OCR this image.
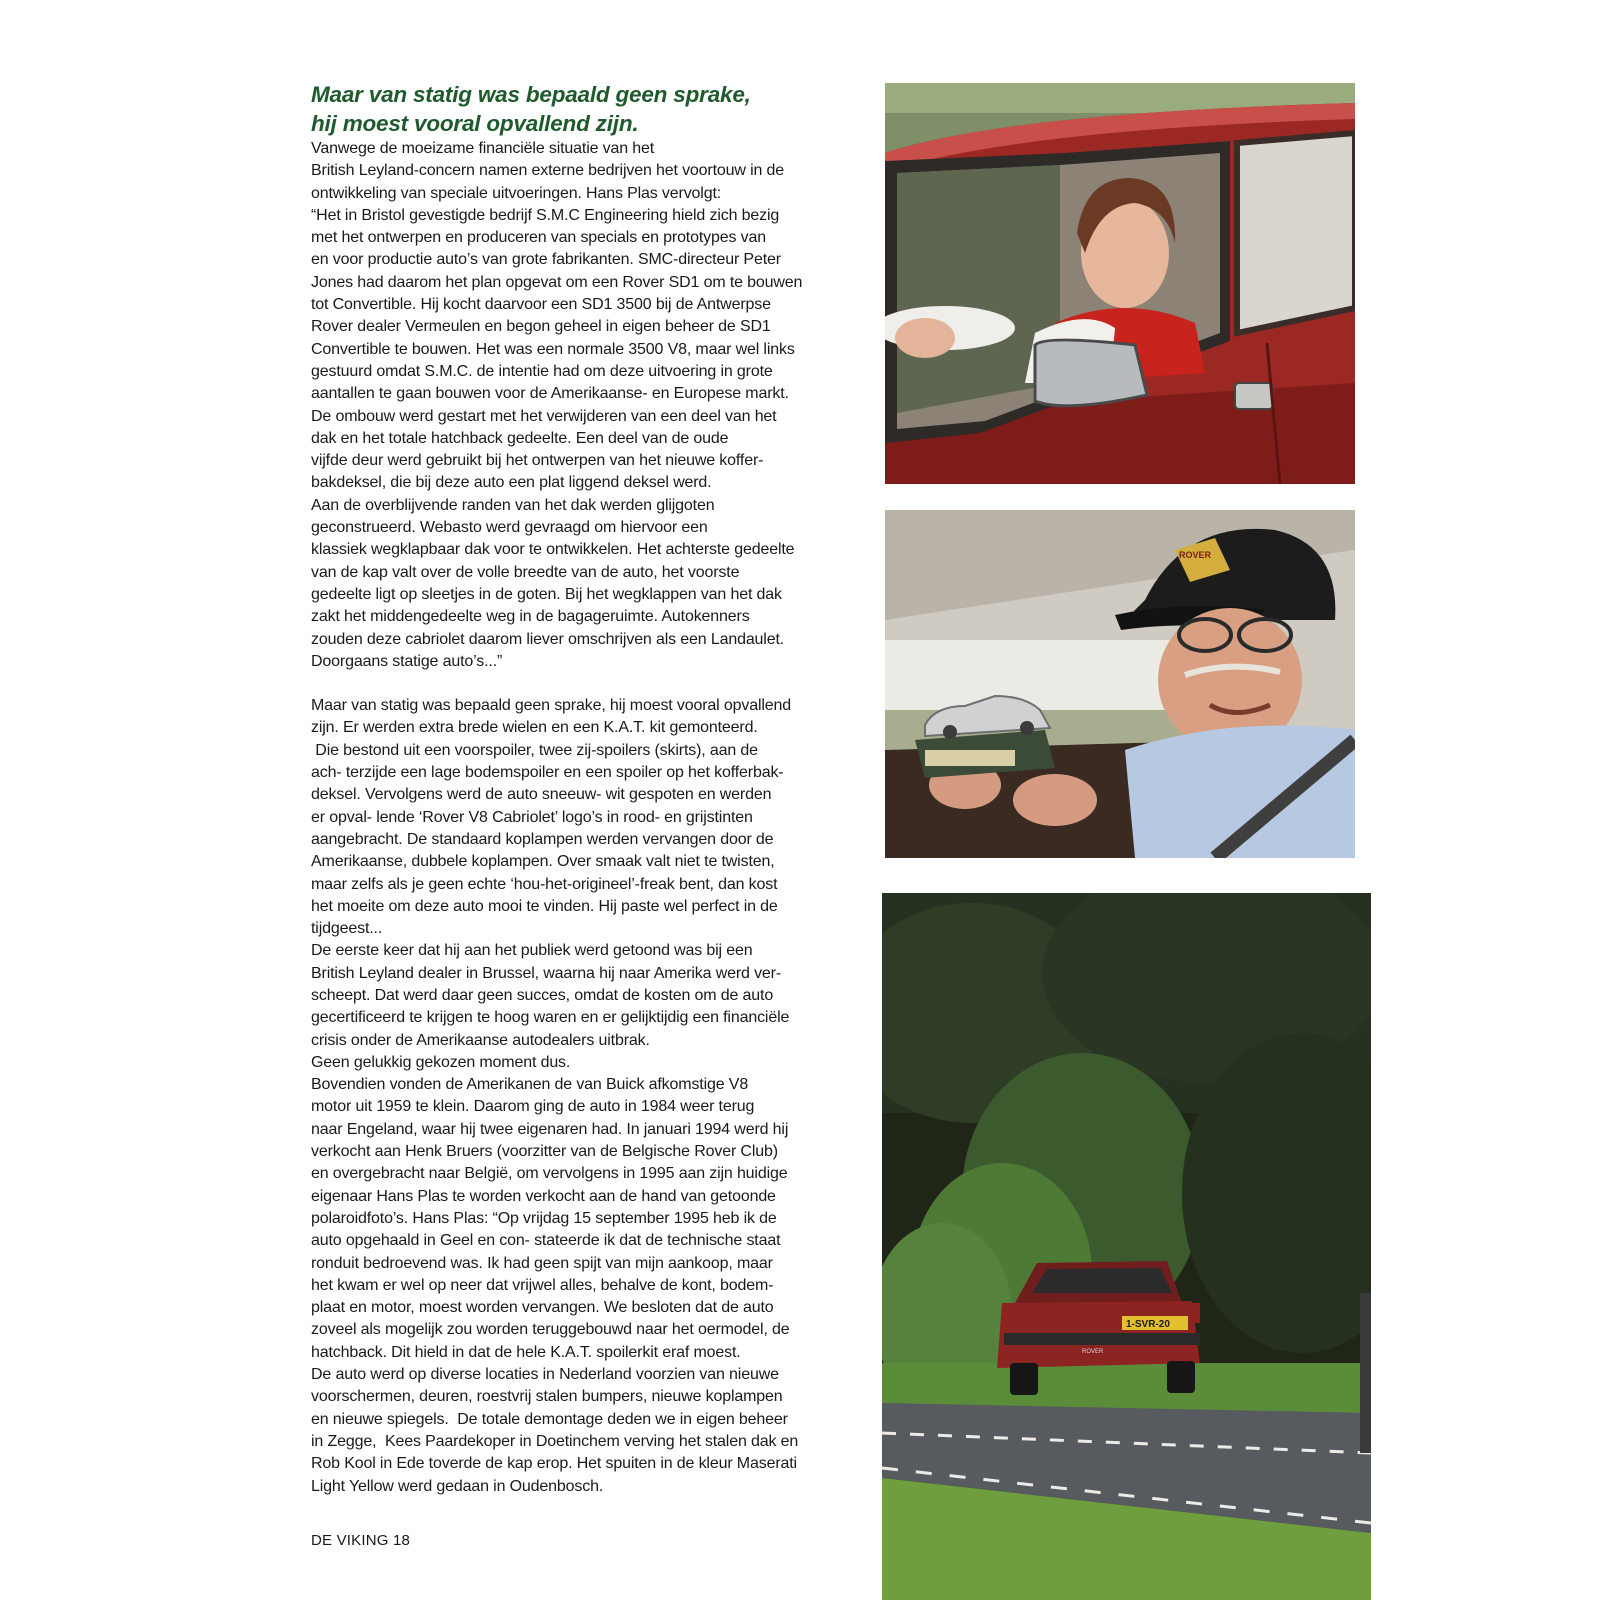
Maar van statig was bepaald geen sprake,
hij moest vooral opvallend zijn.

Vanwege de moeizame financiële situatie van het
British Leyland-concern namen externe bedrijven het voortouw in de
ontwikkeling van speciale uitvoeringen. Hans Plas vervolgt:
“Het in Bristol gevestigde bedrijf S.M.C Engineering hield zich bezig
met het ontwerpen en produceren van specials en prototypes van
en voor productie auto’s van grote fabrikanten. SMC-directeur Peter
Jones had daarom het plan opgevat om een Rover SD1 om te bouwen
tot Convertible. Hij kocht daarvoor een SD1 3500 bij de Antwerpse
Rover dealer Vermeulen en begon geheel in eigen beheer de SD1
Convertible te bouwen. Het was een normale 3500 V8, maar wel links
gestuurd omdat S.M.C. de intentie had om deze uitvoering in grote
aantallen te gaan bouwen voor de Amerikaanse- en Europese markt.
De ombouw werd gestart met het verwijderen van een deel van het
dak en het totale hatchback gedeelte. Een deel van de oude
vijfde deur werd gebruikt bij het ontwerpen van het nieuwe koffer-
bakdeksel, die bij deze auto een plat liggend deksel werd.
Aan de overblijvende randen van het dak werden glijgoten
geconstrueerd. Webasto werd gevraagd om hiervoor een
klassiek wegklapbaar dak voor te ontwikkelen. Het achterste gedeelte
van de kap valt over de volle breedte van de auto, het voorste
gedeelte ligt op sleetjes in de goten. Bij het wegklappen van het dak
zakt het middengedeelte weg in de bagageruimte. Autokenners
zouden deze cabriolet daarom liever omschrijven als een Landaulet.
Doorgaans statige auto’s...”

Maar van statig was bepaald geen sprake, hij moest vooral opvallend
zijn. Er werden extra brede wielen en een K.A.T. kit gemonteerd.
Die bestond uit een voorspoiler, twee zij-spoilers (skirts), aan de
ach- terzijde een lage bodemspoiler en een spoiler op het kofferbak-
deksel. Vervolgens werd de auto sneeuw- wit gespoten en werden
er opval- lende ‘Rover V8 Cabriolet’ logo’s in rood- en grijstinten
aangebracht. De standaard koplampen werden vervangen door de
Amerikaanse, dubbele koplampen. Over smaak valt niet te twisten,
maar zelfs als je geen echte ‘hou-het-origineel’-freak bent, dan kost
het moeite om deze auto mooi te vinden. Hij paste wel perfect in de
tijdgeest...

De eerste keer dat hij aan het publiek werd getoond was bij een
British Leyland dealer in Brussel, waarna hij naar Amerika werd ver-
scheept. Dat werd daar geen succes, omdat de kosten om de auto
gecertificeerd te krijgen te hoog waren en er gelijktijdig een financiële
crisis onder de Amerikaanse autodealers uitbrak.
Geen gelukkig gekozen moment dus.
Bovendien vonden de Amerikanen de van Buick afkomstige V8
motor uit 1959 te klein. Daarom ging de auto in 1984 weer terug
naar Engeland, waar hij twee eigenaren had. In januari 1994 werd hij
verkocht aan Henk Bruers (voorzitter van de Belgische Rover Club)
en overgebracht naar België, om vervolgens in 1995 aan zijn huidige
eigenaar Hans Plas te worden verkocht aan de hand van getoonde
polaroidfoto’s. Hans Plas: “Op vrijdag 15 september 1995 heb ik de
auto opgehaald in Geel en con- stateerde ik dat de technische staat
ronduit bedroevend was. Ik had geen spijt van mijn aankoop, maar
het kwam er wel op neer dat vrijwel alles, behalve de kont, bodem-
plaat en motor, moest worden vervangen. We besloten dat de auto
zoveel als mogelijk zou worden teruggebouwd naar het oermodel, de
hatchback. Dit hield in dat de hele K.A.T. spoilerkit eraf moest.
De auto werd op diverse locaties in Nederland voorzien van nieuwe
voorschermen, deuren, roestvrij stalen bumpers, nieuwe koplampen
en nieuwe spiegels.  De totale demontage deden we in eigen beheer
in Zegge,  Kees Paardekoper in Doetinchem verving het stalen dak en
Rob Kool in Ede toverde de kap erop. Het spuiten in de kleur Maserati
Light Yellow werd gedaan in Oudenbosch.

DE VIKING 18
ROVER
1-SVR-20
ROVER
